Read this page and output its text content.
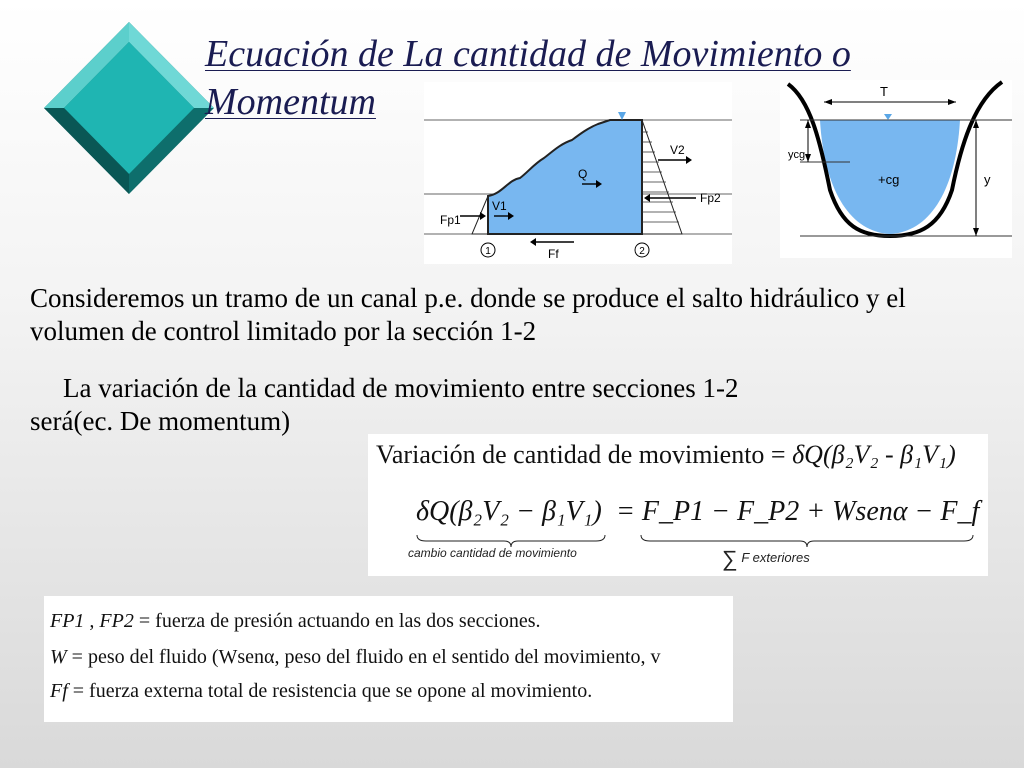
Ecuación de La cantidad de Movimiento o Momentum
Q
V2
V1
Fp1
Fp2
Ff
1	2
T
ycg
+cg	y
Consideremos un tramo de un canal p.e. donde se produce el salto hidráulico y el volumen de control limitado por la sección 1-2
La variación de la cantidad de movimiento entre secciones 1-2
será(ec. De momentum)
Variación de cantidad de movimiento = δQ(β₂V₂ - β₁V₁)
δQ(β₂V₂ − β₁V₁) = F_P1 − F_P2 + Wsenα − F_f
cambio cantidad de movimiento	∑ F exteriores
FP1 , FP2 = fuerza de presión actuando en las dos secciones.
W = peso del fluido (Wsenα, peso del fluido en el sentido del movimiento, v
Ff = fuerza externa total de resistencia que se opone al movimiento.
